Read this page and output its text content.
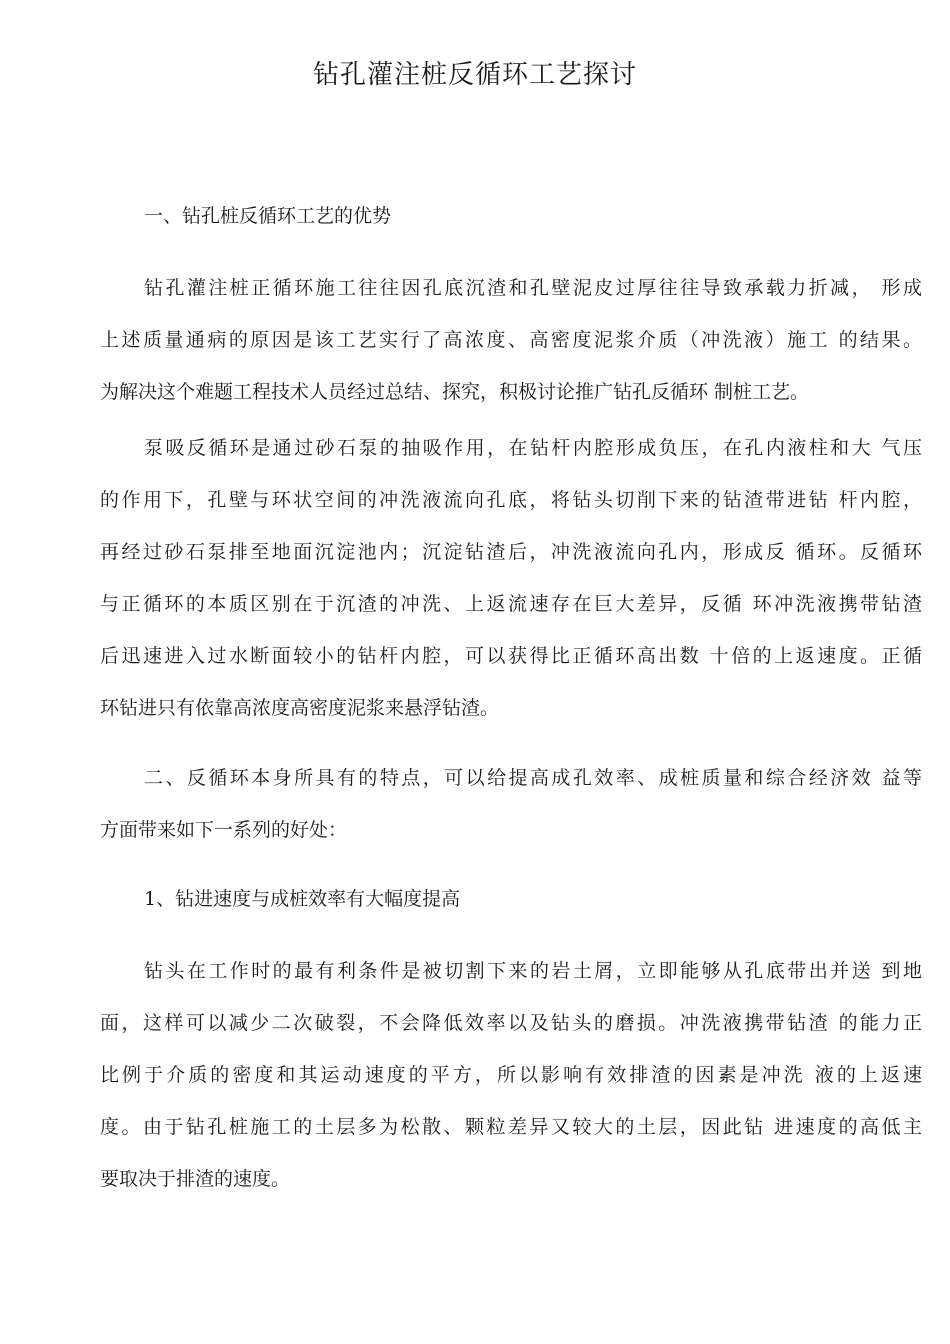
钻孔灌注桩反循环工艺探讨

一、钻孔桩反循环工艺的优势

钻孔灌注桩正循环施工往往因孔底沉渣和孔壁泥皮过厚往往导致承载力折减， 形成
上述质量通病的原因是该工艺实行了高浓度、高密度泥浆介质（冲洗液）施工 的结果。
为解决这个难题工程技术人员经过总结、探究，积极讨论推广钻孔反循环 制桩工艺。
泵吸反循环是通过砂石泵的抽吸作用，在钻杆内腔形成负压，在孔内液柱和大 气压
的作用下，孔壁与环状空间的冲洗液流向孔底，将钻头切削下来的钻渣带进钻 杆内腔，
再经过砂石泵排至地面沉淀池内；沉淀钻渣后，冲洗液流向孔内，形成反 循环。反循环
与正循环的本质区别在于沉渣的冲洗、上返流速存在巨大差异，反循 环冲洗液携带钻渣
后迅速进入过水断面较小的钻杆内腔，可以获得比正循环高出数 十倍的上返速度。正循
环钻进只有依靠高浓度高密度泥浆来悬浮钻渣。
二、反循环本身所具有的特点，可以给提高成孔效率、成桩质量和综合经济效 益等
方面带来如下一系列的好处：

1、钻进速度与成桩效率有大幅度提高

钻头在工作时的最有利条件是被切割下来的岩土屑，立即能够从孔底带出并送 到地
面，这样可以减少二次破裂，不会降低效率以及钻头的磨损。冲洗液携带钻渣 的能力正
比例于介质的密度和其运动速度的平方，所以影响有效排渣的因素是冲洗 液的上返速
度。由于钻孔桩施工的土层多为松散、颗粒差异又较大的土层，因此钻 进速度的高低主
要取决于排渣的速度。
